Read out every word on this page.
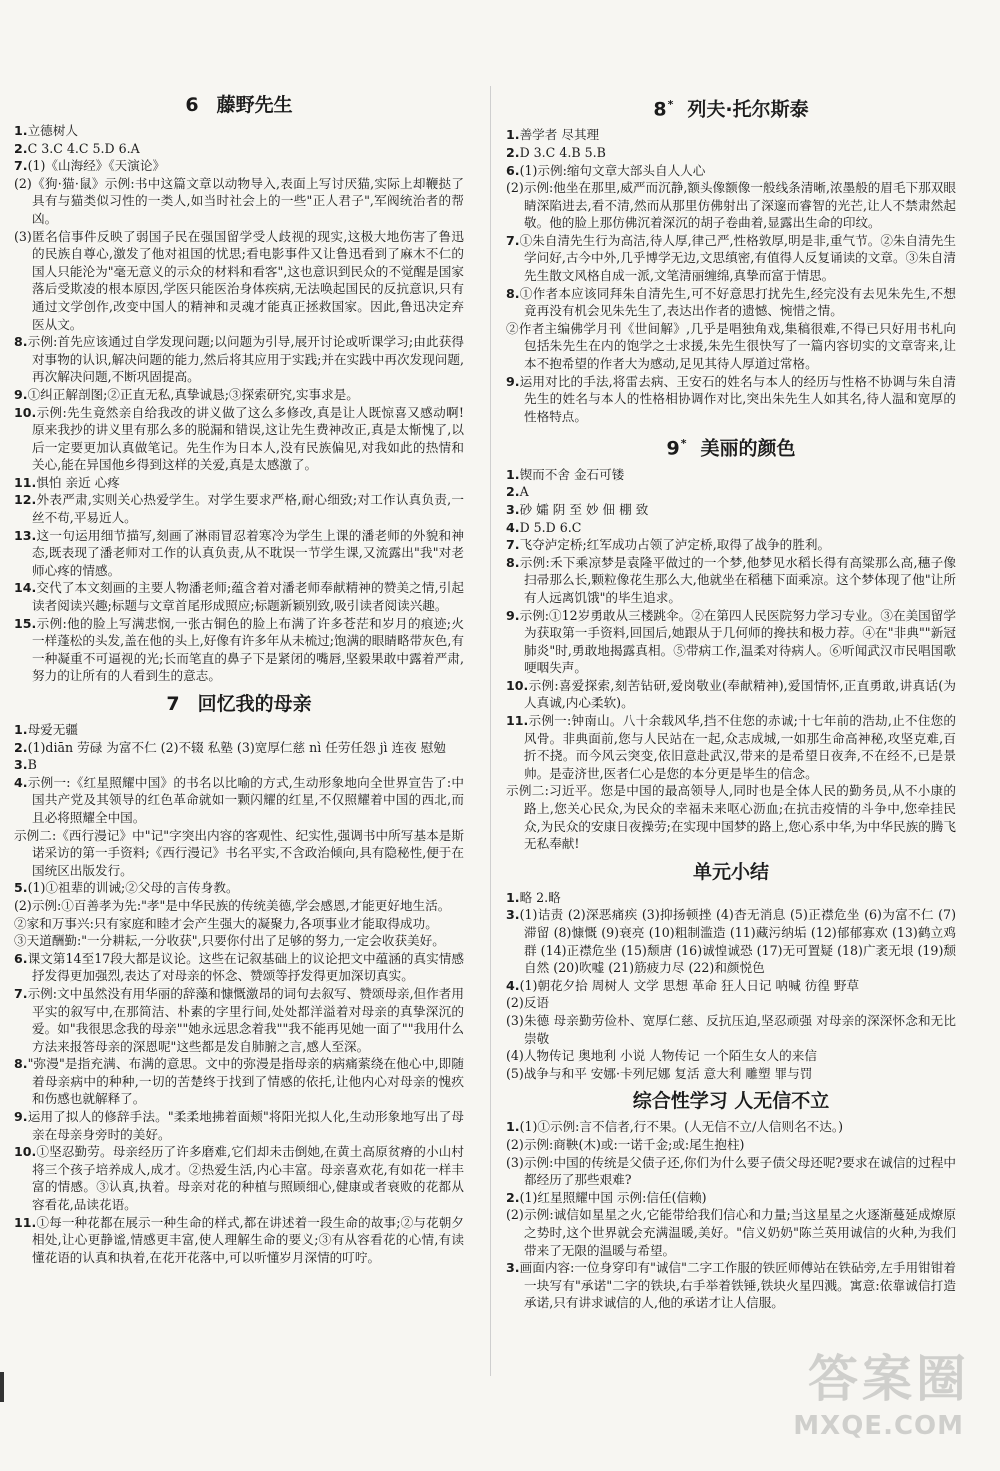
6 藤野先生

1.立德树人

2.C 3.C 4.C 5.D 6.A

7.(1)《山海经》《天演论》

(2)《狗·猫·鼠》示例:书中这篇文章以动物导入,表面上写讨厌猫,实际上却鞭挞了具有与猫类似习性的一类人,如当时社会上的一些"正人君子",军阀统治者的帮凶。

(3)匿名信事件反映了弱国子民在强国留学受人歧视的现实,这极大地伤害了鲁迅的民族自尊心,激发了他对祖国的忧思;看电影事件又让鲁迅看到了麻木不仁的国人只能沦为"毫无意义的示众的材料和看客",这也意识到民众的不觉醒是国家落后受欺凌的根本原因,学医只能医治身体疾病,无法唤起国民的反抗意识,只有通过文学创作,改变中国人的精神和灵魂才能真正拯救国家。因此,鲁迅决定弃医从文。

8.示例:首先应该通过自学发现问题;以问题为引导,展开讨论或听课学习;由此获得对事物的认识,解决问题的能力,然后将其应用于实践;并在实践中再次发现问题,再次解决问题,不断巩固提高。

9.①纠正解剖图;②正直无私,真挚诚恳;③探索研究,实事求是。

10.示例:先生竟然亲自给我改的讲义做了这么多修改,真是让人既惊喜又感动啊!原来我抄的讲义里有那么多的脱漏和错误,这让先生费神改正,真是太惭愧了,以后一定要更加认真做笔记。先生作为日本人,没有民族偏见,对我如此的热情和关心,能在异国他乡得到这样的关爱,真是太感激了。

11.惧怕 亲近 心疼

12.外表严肃,实则关心热爱学生。对学生要求严格,耐心细致;对工作认真负责,一丝不苟,平易近人。

13.这一句运用细节描写,刻画了淋雨冒忍着寒冷为学生上课的潘老师的外貌和神态,既表现了潘老师对工作的认真负责,从不耽误一节学生课,又流露出"我"对老师心疼的情感。

14.交代了本文刻画的主要人物潘老师;蕴含着对潘老师奉献精神的赞美之情,引起读者阅读兴趣;标题与文章首尾形成照应;标题新颖别致,吸引读者阅读兴趣。

15.示例:他的脸上写满悲悯,一张古铜色的脸上布满了许多苍茫和岁月的痕迹;火一样蓬松的头发,盖在他的头上,好像有许多年从未梳过;饱满的眼睛略带灰色,有一种凝重不可逼视的光;长而笔直的鼻子下是紧闭的嘴唇,坚毅果敢中露着严肃,努力的让所有的人看到生的意志。

7 回忆我的母亲

1.母爱无疆

2.(1)diān 劳碌 为富不仁 (2)不辍 私塾 (3)宽厚仁慈 nì 任劳任怨 jì 连夜 慰勉

3.B

4.示例一:《红星照耀中国》的书名以比喻的方式,生动形象地向全世界宣告了:中国共产党及其领导的红色革命就如一颗闪耀的红星,不仅照耀着中国的西北,而且必将照耀全中国。

示例二:《西行漫记》中"记"字突出内容的客观性、纪实性,强调书中所写基本是斯诺采访的第一手资料;《西行漫记》书名平实,不含政治倾向,具有隐秘性,便于在国统区出版发行。

5.(1)①祖辈的训诫;②父母的言传身教。

(2)示例:①百善孝为先:"孝"是中华民族的传统美德,学会感恩,才能更好地生活。

②家和万事兴:只有家庭和睦才会产生强大的凝聚力,各项事业才能取得成功。

③天道酬勤:"一分耕耘,一分收获",只要你付出了足够的努力,一定会收获美好。

6.课文第14至17段大都是议论。这些在记叙基础上的议论把文中蕴涵的真实情感抒发得更加强烈,表达了对母亲的怀念、赞颂等抒发得更加深切真实。

7.示例:文中虽然没有用华丽的辞藻和慷慨激昂的词句去叙写、赞颂母亲,但作者用平实的叙写中,在那简洁、朴素的字里行间,处处都洋溢着对母亲的真挚深沉的爱。如"我很思念我的母亲""她永远思念着我""我不能再见她一面了""我用什么方法来报答母亲的深恩呢"这些都是发自肺腑之言,感人至深。

8."弥漫"是指充满、布满的意思。文中的弥漫是指母亲的病痛萦绕在他心中,即随着母亲病中的种种,一切的苦楚终于找到了情感的依托,让他内心对母亲的愧疚和伤感也就解释了。

9.运用了拟人的修辞手法。"柔柔地拂着面颊"将阳光拟人化,生动形象地写出了母亲在母亲身旁时的美好。

10.①坚忍勤劳。母亲经历了许多磨难,它们却未击倒她,在黄土高原贫瘠的小山村将三个孩子培养成人,成才。②热爱生活,内心丰富。母亲喜欢花,有如花一样丰富的情感。③认真,执着。母亲对花的种植与照顾细心,健康或者衰败的花都从容看花,品读花语。

11.①每一种花都在展示一种生命的样式,都在讲述着一段生命的故事;②与花朝夕相处,让心更静谧,情感更丰富,使人理解生命的要义;③有从容看花的心情,有读懂花语的认真和执着,在花开花落中,可以听懂岁月深情的叮咛。

8* 列夫·托尔斯泰

1.善学者 尽其理

2.D 3.C 4.B 5.B

6.(1)示例:缩句文章大部头自人人心

(2)示例:他坐在那里,威严而沉静,额头像额像一般线条清晰,浓墨般的眉毛下那双眼睛深陷进去,看不清,然而从那里仿佛射出了深邃而睿智的光芒,让人不禁肃然起敬。他的脸上那仿佛沉着深沉的胡子卷曲着,显露出生命的印纹。

7.①朱自清先生行为高洁,待人厚,律己严,性格敦厚,明是非,重气节。②朱自清先生学问好,古今中外,几乎博学无边,文思缜密,有值得人反复诵读的文章。③朱自清先生散文风格自成一派,文笔清丽缠绵,真挚而富于情思。

8.①作者本应该同拜朱自清先生,可不好意思打扰先生,经完没有去见朱先生,不想竟再没有机会见朱先生了,表达出作者的遗憾、惋惜之情。

②作者主编佛学月刊《世间解》,几乎是唱独角戏,集稿很难,不得已只好用书札向包括朱先生在内的饱学之士求援,朱先生很快写了一篇内容切实的文章寄来,让本不抱希望的作者大为感动,足见其待人厚道过常格。

9.运用对比的手法,将雷去病、王安石的姓名与本人的经历与性格不协调与朱自清先生的姓名与本人的性格相协调作对比,突出朱先生人如其名,待人温和宽厚的性格特点。

9* 美丽的颜色

1.锲而不舍 金石可镂

2.A

3.砂 孀 阴 至 妙 佃 棚 致

4.D 5.D 6.C

7.飞夺泸定桥;红军成功占领了泸定桥,取得了战争的胜利。

8.示例:禾下乘凉梦是袁隆平做过的一个梦,他梦见水稻长得有高粱那么高,穗子像扫帚那么长,颗粒像花生那么大,他就坐在稻穗下面乘凉。这个梦体现了他"让所有人远离饥饿"的毕生追求。

9.示例:①12岁勇敢从三楼跳伞。②在第四人民医院努力学习专业。③在美国留学为获取第一手资料,回国后,她跟从于几何师的搀扶和极力荐。④在"非典""新冠肺炎"时,勇敢地揭露真相。⑤带病工作,温柔对待病人。⑥听闻武汉市民唱国歌哽咽失声。

10.示例:喜爱探索,刻苦钻研,爱岗敬业(奉献精神),爱国情怀,正直勇敢,讲真话(为人真诚,内心柔软)。

11.示例一:钟南山。八十余载风华,挡不住您的赤诚;十七年前的浩劫,止不住您的风骨。非典面前,您与人民站在一起,众志成城,一如那生命高神秘,攻坚克难,百折不挠。而今风云突变,依旧意赴武汉,带来的是希望日夜奔,不在经不,已是景帅。是壶济世,医者仁心是您的本分更是毕生的信念。

示例二:习近平。您是中国的最高领导人,同时也是全体人民的勤务员,从不小康的路上,您关心民众,为民众的幸福未来呕心沥血;在抗击疫情的斗争中,您牵挂民众,为民众的安康日夜操劳;在实现中国梦的路上,您心系中华,为中华民族的腾飞无私奉献!

单元小结

1.略 2.略

3.(1)诘责 (2)深恶痛疾 (3)抑扬顿挫 (4)杳无消息 (5)正襟危坐 (6)为富不仁 (7)滞留 (8)慷慨 (9)衰亮 (10)粗制滥造 (11)藏污纳垢 (12)郁郁寡欢 (13)鹤立鸡群 (14)正襟危坐 (15)颓唐 (16)诚惶诚恐 (17)无可置疑 (18)广袤无垠 (19)颓自然 (20)吹嘘 (21)筋疲力尽 (22)和颜悦色

4.(1)朝花夕拾 周树人 文学 思想 革命 狂人日记 呐喊 彷徨 野草

(2)反语

(3)朱德 母亲勤劳俭朴、宽厚仁慈、反抗压迫,坚忍顽强 对母亲的深深怀念和无比崇敬

(4)人物传记 奥地利 小说 人物传记 一个陌生女人的来信

(5)战争与和平 安娜·卡列尼娜 复活 意大利 雕塑 罪与罚

综合性学习 人无信不立

1.(1)①示例:言不信者,行不果。(人无信不立/人信则名不达。)

(2)示例:商鞅(木)或:一诺千金;或:尾生抱柱)

(3)示例:中国的传统是父债子还,你们为什么要子债父母还呢?要求在诚信的过程中都经历了那些艰难?

2.(1)红星照耀中国 示例:信任(信赖)

(2)示例:诚信如星星之火,它能带给我们信心和力量;当这星星之火逐渐蔓延成燎原之势时,这个世界就会充满温暖,美好。"信义奶奶"陈兰英用诚信的火种,为我们带来了无限的温暖与希望。

3.画面内容:一位身穿印有"诚信"二字工作服的铁匠师傅站在铁砧旁,左手用钳钳着一块写有"承诺"二字的铁块,右手举着铁锤,铁块火星四溅。寓意:依靠诚信打造承诺,只有讲求诚信的人,他的承诺才让人信服。

答案圈
MXQE.COM
